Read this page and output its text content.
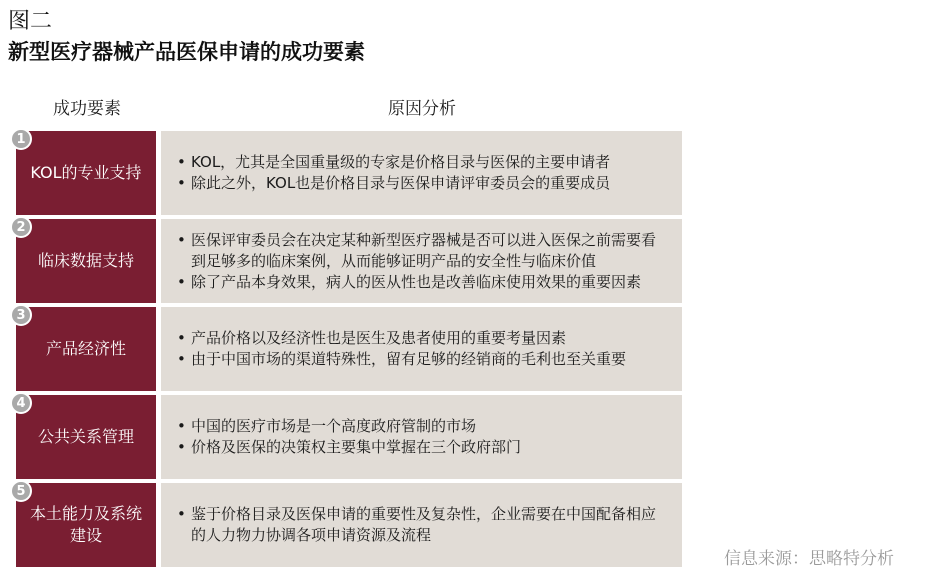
图二
新型医疗器械产品医保申请的成功要素
成功要素	原因分析
1
KOL的专业支持
• KOL，尤其是全国重量级的专家是价格目录与医保的主要申请者
• 除此之外，KOL也是价格目录与医保申请评审委员会的重要成员
2
临床数据支持
• 医保评审委员会在决定某种新型医疗器械是否可以进入医保之前需要看到足够多的临床案例，从而能够证明产品的安全性与临床价值
• 除了产品本身效果，病人的医从性也是改善临床使用效果的重要因素
3
产品经济性
• 产品价格以及经济性也是医生及患者使用的重要考量因素
• 由于中国市场的渠道特殊性，留有足够的经销商的毛利也至关重要
4
公共关系管理
• 中国的医疗市场是一个高度政府管制的市场
• 价格及医保的决策权主要集中掌握在三个政府部门
5
本土能力及系统建设
• 鉴于价格目录及医保申请的重要性及复杂性，企业需要在中国配备相应的人力物力协调各项申请资源及流程
信息来源：思略特分析
